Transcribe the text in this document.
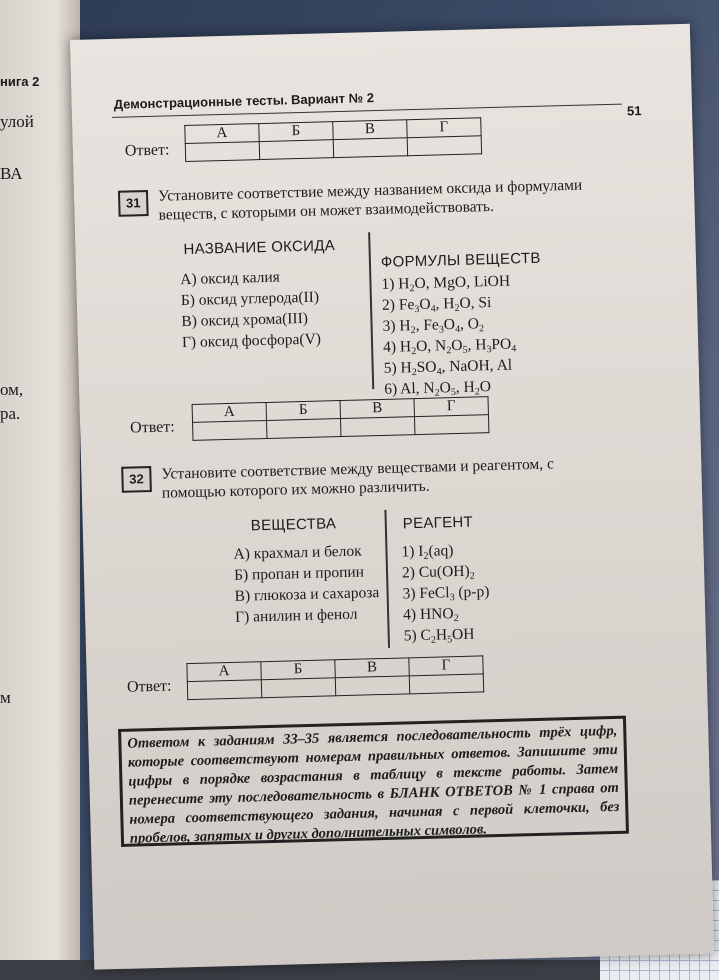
нига 2
улой
ВА
ом,
ра.
м
Демонстрационные тесты. Вариант № 2	51
Ответ:
А	Б	В	Г

31	Установите соответствие между названием оксида и формулами веществ, с которыми он может взаимодействовать.
НАЗВАНИЕ ОКСИДА
ФОРМУЛЫ ВЕЩЕСТВ
А) оксид калия
Б) оксид углерода(II)
В) оксид хрома(III)
Г) оксид фосфора(V)
1) $H_2O$, MgO, LiOH
2) $Fe_3O_4$, $H_2O$, Si
3) $H_2$, $Fe_3O_4$, $O_2$
4) $H_2O$, $N_2O_5$, $H_3PO_4$
5) $H_2SO_4$, NaOH, Al
6) Al, $N_2O_5$, $H_2O$
Ответ:
А	Б	В	Г

32	Установите соответствие между веществами и реагентом, с помощью которого их можно различить.
ВЕЩЕСТВА	РЕАГЕНТ
А) крахмал и белок
Б) пропан и пропин
В) глюкоза и сахароза
Г) анилин и фенол
1) $I_2(aq)$
2) $Cu(OH)_2$
3) FeCl$_3$ (р-р)
4) $HNO_2$
5) $C_2H_5OH$
Ответ:
А	Б	В	Г

Ответом к заданиям 33–35 является последовательность трёх цифр, которые соответствуют номерам правильных ответов. Запишите эти цифры в порядке возрастания в таблицу в тексте работы. Затем перенесите эту последовательность в БЛАНК ОТВЕТОВ № 1 справа от номера соответствующего задания, начиная с первой клеточки, без пробелов, запятых и других дополнительных символов.
